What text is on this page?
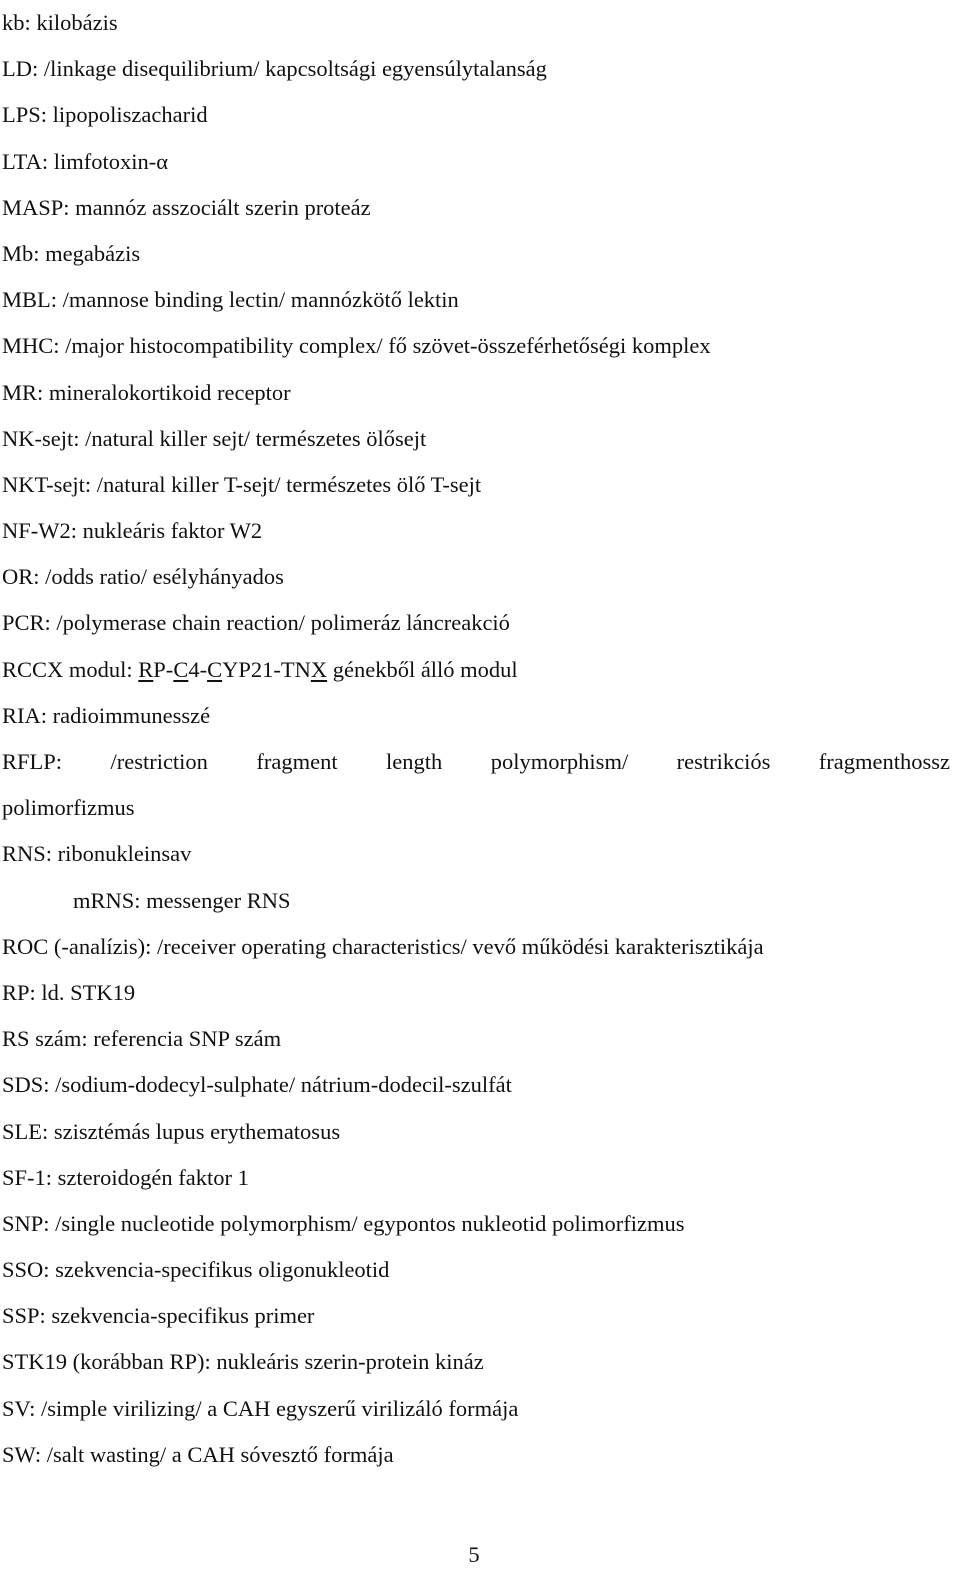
kb: kilobázis
LD: /linkage disequilibrium/ kapcsoltsági egyensúlytalanság
LPS: lipopoliszacharid
LTA: limfotoxin-α
MASP: mannóz asszociált szerin proteáz
Mb: megabázis
MBL: /mannose binding lectin/ mannózkötő lektin
MHC: /major histocompatibility complex/ fő szövet-összeférhetőségi komplex
MR: mineralokortikoid receptor
NK-sejt: /natural killer sejt/ természetes ölősejt
NKT-sejt: /natural killer T-sejt/ természetes ölő T-sejt
NF-W2: nukleáris faktor W2
OR: /odds ratio/ esélyhányados
PCR: /polymerase chain reaction/ polimeráz láncreakció
RCCX modul: RP-C4-CYP21-TNX génekből álló modul
RIA: radioimmunesszé
RFLP: /restriction fragment length polymorphism/ restrikciós fragmenthossz
polimorfizmus
RNS: ribonukleinsav
mRNS: messenger RNS
ROC (-analízis): /receiver operating characteristics/ vevő működési karakterisztikája
RP: ld. STK19
RS szám: referencia SNP szám
SDS: /sodium-dodecyl-sulphate/ nátrium-dodecil-szulfát
SLE: szisztémás lupus erythematosus
SF-1: szteroidogén faktor 1
SNP: /single nucleotide polymorphism/ egypontos nukleotid polimorfizmus
SSO: szekvencia-specifikus oligonukleotid
SSP: szekvencia-specifikus primer
STK19 (korábban RP): nukleáris szerin-protein kináz
SV: /simple virilizing/ a CAH egyszerű virilizáló formája
SW: /salt wasting/ a CAH sóvesztő formája
5
